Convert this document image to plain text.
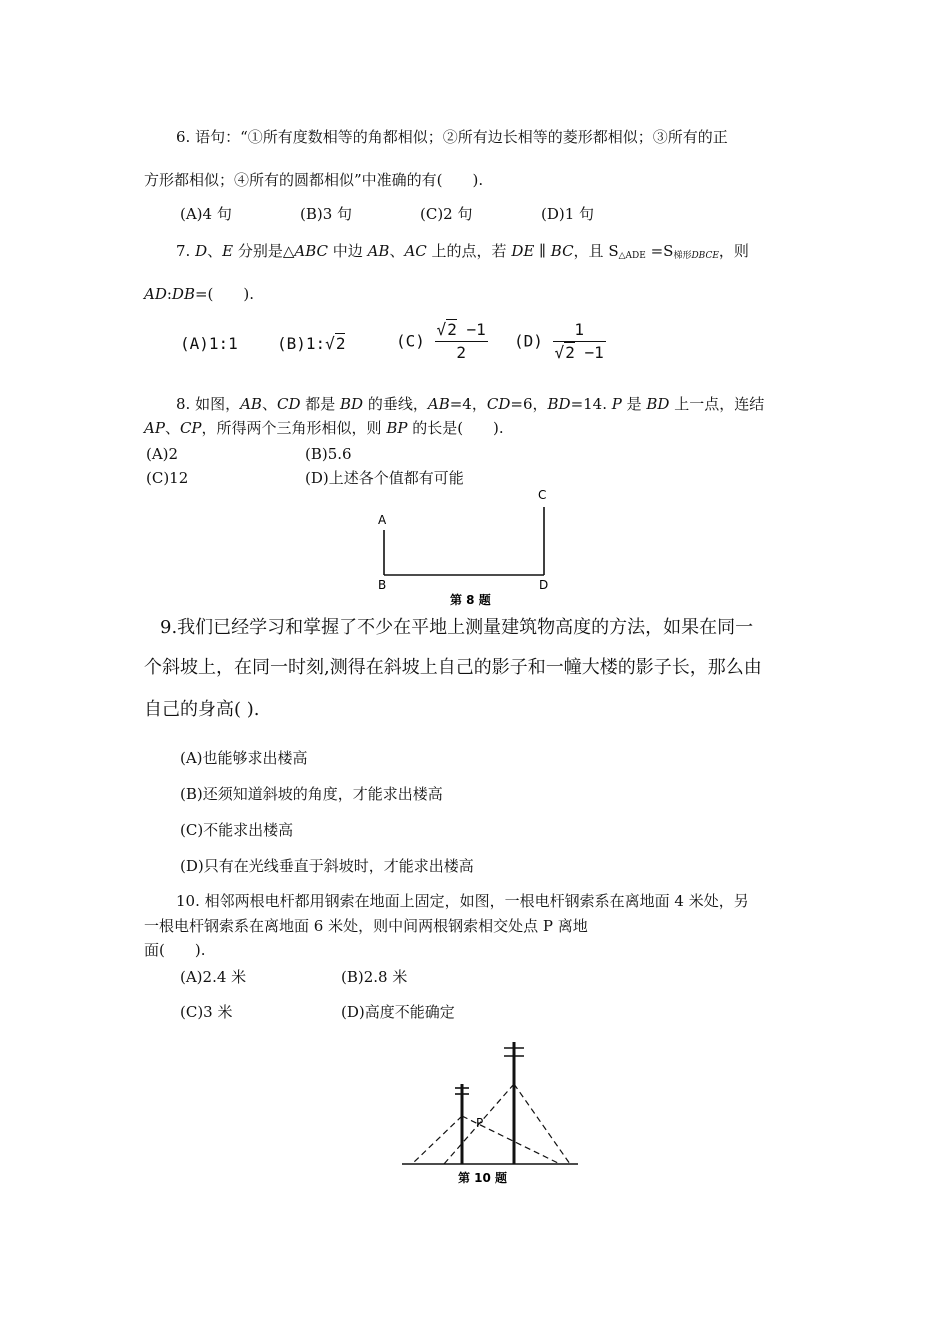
6. 语句：“①所有度数相等的角都相似；②所有边长相等的菱形都相似；③所有的正
方形都相似；④所有的圆都相似”中准确的有(　　).
(A)4 句	(B)3 句	(C)2 句	(D)1 句
7. D、E 分别是△ABC 中边 AB、AC 上的点，若 DE ∥ BC，且 $S_{\triangle ADE} =S_{梯形DBCE}$，则
AD:DB=(　　).
(A)1:1 (B)1:√2	$(C) \frac{√2 -1}{2} (D) \frac{1}{√2 -1}$
8. 如图，AB、CD 都是 BD 的垂线，AB=4，CD=6，BD=14. P 是 BD 上一点，连结
AP、CP，所得两个三角形相似，则 BP 的长是(　　).
(A)2	(B)5.6
(C)12	(D)上述各个值都有可能
A
B
C
D
第 8 题
9.我们已经学习和掌握了不少在平地上测量建筑物高度的方法，如果在同一
个斜坡上，在同一时刻,测得在斜坡上自己的影子和一幢大楼的影子长，那么由
自己的身高( ).
(A)也能够求出楼高
(B)还须知道斜坡的角度，才能求出楼高
(C)不能求出楼高
(D)只有在光线垂直于斜坡时，才能求出楼高
10. 相邻两根电杆都用钢索在地面上固定，如图，一根电杆钢索系在离地面 4 米处，另
一根电杆钢索系在离地面 6 米处，则中间两根钢索相交处点 P 离地
面(　　).
(A)2.4 米	(B)2.8 米
(C)3 米	(D)高度不能确定
P
第 10 题
